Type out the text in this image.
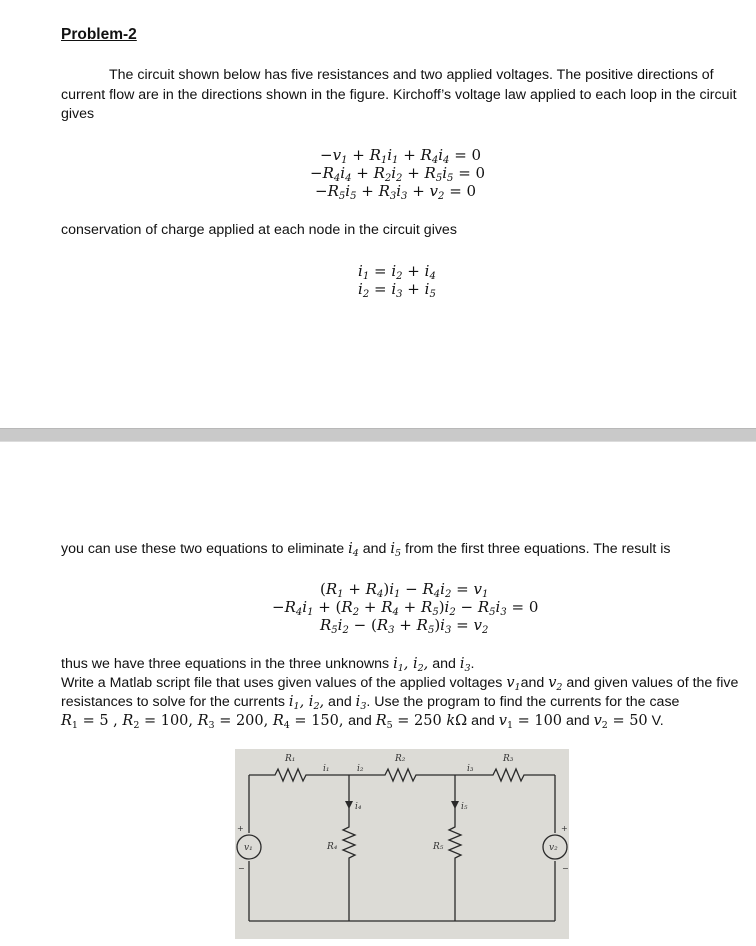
Problem-2
The circuit shown below has five resistances and two applied voltages. The positive directions of current flow are in the directions shown in the figure. Kirchoff’s voltage law applied to each loop in the circuit gives
$-v_1 + R_1i_1 + R_4i_4 = 0$
$-R_4i_4 + R_2i_2 + R_5i_5 = 0$
$-R_5i_5 + R_3i_3 + v_2 = 0$
conservation of charge applied at each node in the circuit gives
$i_1 = i_2 + i_4$
$i_2 = i_3 + i_5$
you can use these two equations to eliminate $i_4$ and $i_5$ from the first three equations. The result is
$(R_1 + R_4)i_1 - R_4i_2 = v_1$
$-R_4i_1 + (R_2 + R_4 + R_5)i_2 - R_5i_3 = 0$
$R_5i_2 - (R_3 + R_5)i_3 = v_2$
thus we have three equations in the three unknowns $i_1$, $i_2$, and $i_3$.
Write a Matlab script file that uses given values of the applied voltages $v_1and$ $v_2$ and given values of the five resistances to solve for the currents $i_1$, $i_2$, and $i_3$. Use the program to find the currents for the case
$R_1 = 5$ , $R_2 = 100$, $R_3 = 200$, $R_4 = 150$, and $R_5 = 250$ kΩ and $v_1 = 100$ and $v_2 = 50$ V.
R₁	R₂	R₃
i₁	i₂	i₃
i₄	i₅
R₄	R₅
v₁	v₂
+
−
+
−
